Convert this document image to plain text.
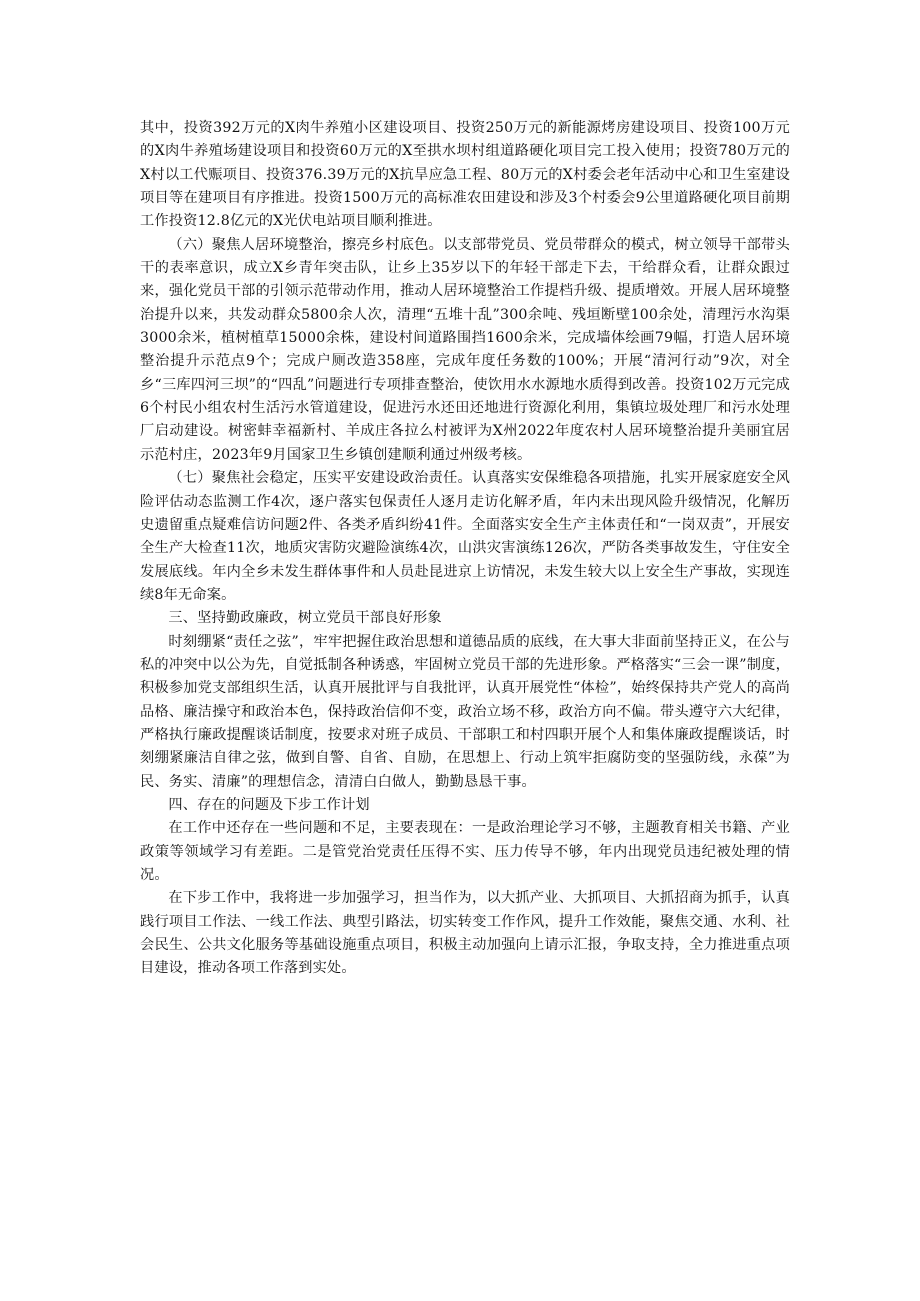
其中，投资392万元的X肉牛养殖小区建设项目、投资250万元的新能源烤房建设项目、投资100万元的X肉牛养殖场建设项目和投资60万元的X至拱水坝村组道路硬化项目完工投入使用；投资780万元的X村以工代赈项目、投资376.39万元的X抗旱应急工程、80万元的X村委会老年活动中心和卫生室建设项目等在建项目有序推进。投资1500万元的高标准农田建设和涉及3个村委会9公里道路硬化项目前期工作投资12.8亿元的X光伏电站项目顺利推进。

（六）聚焦人居环境整治，擦亮乡村底色。以支部带党员、党员带群众的模式，树立领导干部带头干的表率意识，成立X乡青年突击队，让乡上35岁以下的年轻干部走下去，干给群众看，让群众跟过来，强化党员干部的引领示范带动作用，推动人居环境整治工作提档升级、提质增效。开展人居环境整治提升以来，共发动群众5800余人次，清理“五堆十乱”300余吨、残垣断壁100余处，清理污水沟渠3000余米，植树植草15000余株，建设村间道路围挡1600余米，完成墙体绘画79幅，打造人居环境整治提升示范点9个；完成户厕改造358座，完成年度任务数的100%；开展“清河行动”9次，对全乡“三库四河三坝”的“四乱”问题进行专项排查整治，使饮用水水源地水质得到改善。投资102万元完成6个村民小组农村生活污水管道建设，促进污水还田还地进行资源化利用，集镇垃圾处理厂和污水处理厂启动建设。树密蚌幸福新村、羊成庄各拉么村被评为X州2022年度农村人居环境整治提升美丽宜居示范村庄，2023年9月国家卫生乡镇创建顺利通过州级考核。

（七）聚焦社会稳定，压实平安建设政治责任。认真落实安保维稳各项措施，扎实开展家庭安全风险评估动态监测工作4次，逐户落实包保责任人逐月走访化解矛盾，年内未出现风险升级情况，化解历史遗留重点疑难信访问题2件、各类矛盾纠纷41件。全面落实安全生产主体责任和“一岗双责”，开展安全生产大检查11次，地质灾害防灾避险演练4次，山洪灾害演练126次，严防各类事故发生，守住安全发展底线。年内全乡未发生群体事件和人员赴昆进京上访情况，未发生较大以上安全生产事故，实现连续8年无命案。

三、坚持勤政廉政，树立党员干部良好形象

时刻绷紧“责任之弦”，牢牢把握住政治思想和道德品质的底线，在大事大非面前坚持正义，在公与私的冲突中以公为先，自觉抵制各种诱惑，牢固树立党员干部的先进形象。严格落实“三会一课”制度，积极参加党支部组织生活，认真开展批评与自我批评，认真开展党性“体检”，始终保持共产党人的高尚品格、廉洁操守和政治本色，保持政治信仰不变，政治立场不移，政治方向不偏。带头遵守六大纪律，严格执行廉政提醒谈话制度，按要求对班子成员、干部职工和村四职开展个人和集体廉政提醒谈话，时刻绷紧廉洁自律之弦，做到自警、自省、自励，在思想上、行动上筑牢拒腐防变的坚强防线，永葆”为民、务实、清廉”的理想信念，清清白白做人，勤勤恳恳干事。

四、存在的问题及下步工作计划

在工作中还存在一些问题和不足，主要表现在：一是政治理论学习不够，主题教育相关书籍、产业政策等领域学习有差距。二是管党治党责任压得不实、压力传导不够，年内出现党员违纪被处理的情况。

在下步工作中，我将进一步加强学习，担当作为，以大抓产业、大抓项目、大抓招商为抓手，认真践行项目工作法、一线工作法、典型引路法，切实转变工作作风，提升工作效能，聚焦交通、水利、社会民生、公共文化服务等基础设施重点项目，积极主动加强向上请示汇报，争取支持，全力推进重点项目建设，推动各项工作落到实处。
